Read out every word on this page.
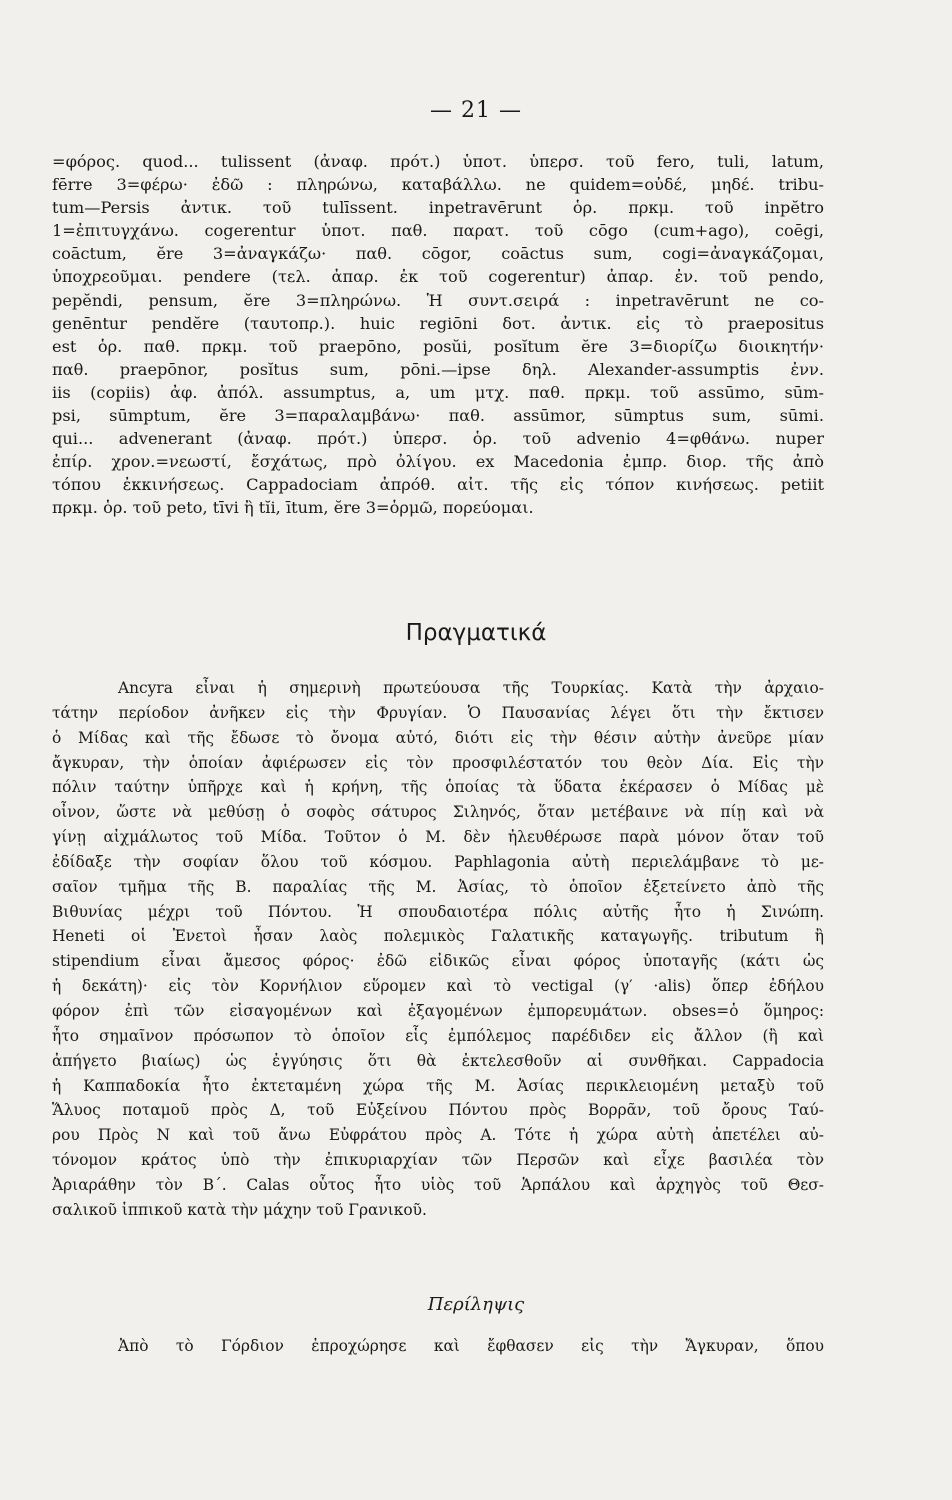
— 21 —
=φόρος. quod... tulissent (ἀναφ. πρότ.) ὑποτ. ὑπερσ. τοῦ fero, tuli, latum,
fērre 3=φέρω· ἐδῶ : πληρώνω, καταβάλλω. ne quidem=οὐδέ, μηδέ. tribu-
tum—Persis ἀντικ. τοῦ tulīssent. inpetravērunt ὁρ. πρκμ. τοῦ inpĕtro
1=ἐπιτυγχάνω. cogerentur ὑποτ. παθ. παρατ. τοῦ cōgo (cum+ago), coēgi,
coāctum, ĕre 3=ἀναγκάζω· παθ. cōgor, coāctus sum, cogi=ἀναγκάζομαι,
ὑποχρεοῦμαι. pendere (τελ. ἀπαρ. ἐκ τοῦ cogerentur) ἀπαρ. ἐν. τοῦ pendo,
pepĕndi, pensum, ĕre 3=πληρώνω. Ἡ συντ.σειρά : inpetravērunt ne co-
genēntur pendĕre (ταυτοπρ.). huic regiōni δοτ. ἀντικ. εἰς τὸ praepositus
est ὁρ. παθ. πρκμ. τοῦ praepōno, posŭi, posĭtum ĕre 3=διορίζω διοικητήν·
παθ. praepōnor, posĭtus sum, pōni.—ipse δηλ. Alexander-assumptis ἐνν.
iis (copiis) ἀφ. ἀπόλ. assumptus, a, um μτχ. παθ. πρκμ. τοῦ assūmo, sūm-
psi, sūmptum, ĕre 3=παραλαμβάνω· παθ. assūmor, sūmptus sum, sūmi.
qui... advenerant (ἀναφ. πρότ.) ὑπερσ. ὁρ. τοῦ advenio 4=φθάνω. nuper
ἐπίρ. χρον.=νεωστί, ἔσχάτως, πρὸ ὀλίγου. ex Macedonia ἐμπρ. διορ. τῆς ἀπὸ
τόπου ἐκκινήσεως. Cappadociam ἀπρόθ. αἰτ. τῆς εἰς τόπον κινήσεως. petiit
πρκμ. ὁρ. τοῦ peto, tīvi ἢ tĭi, ītum, ĕre 3=ὁρμῶ, πορεύομαι.
Πραγματικά
Ancyra εἶναι ἡ σημερινὴ πρωτεύουσα τῆς Τουρκίας. Κατὰ τὴν ἀρχαιο-
τάτην περίοδον ἀνῆκεν εἰς τὴν Φρυγίαν. Ὁ Παυσανίας λέγει ὅτι τὴν ἔκτισεν
ὁ Μίδας καὶ τῆς ἔδωσε τὸ ὄνομα αὐτό, διότι εἰς τὴν θέσιν αὐτὴν ἀνεῦρε μίαν
ἄγκυραν, τὴν ὁποίαν ἀφιέρωσεν εἰς τὸν προσφιλέστατόν του θεὸν Δία. Εἰς τὴν
πόλιν ταύτην ὑπῆρχε καὶ ἡ κρήνη, τῆς ὁποίας τὰ ὕδατα ἐκέρασεν ὁ Μίδας μὲ
οἶνον, ὥστε νὰ μεθύσῃ ὁ σοφὸς σάτυρος Σιληνός, ὅταν μετέβαινε νὰ πίῃ καὶ νὰ
γίνῃ αἰχμάλωτος τοῦ Μίδα. Τοῦτον ὁ Μ. δὲν ἠλευθέρωσε παρὰ μόνον ὅταν τοῦ
ἐδίδαξε τὴν σοφίαν ὅλου τοῦ κόσμου. Paphlagonia αὐτὴ περιελάμβανε τὸ με-
σαῖον τμῆμα τῆς Β. παραλίας τῆς Μ. Ἀσίας, τὸ ὁποῖον ἐξετείνετο ἀπὸ τῆς
Βιθυνίας μέχρι τοῦ Πόντου. Ἡ σπουδαιοτέρα πόλις αὐτῆς ἦτο ἡ Σινώπη.
Heneti οἱ Ἐνετοὶ ἦσαν λαὸς πολεμικὸς Γαλατικῆς καταγωγῆς. tributum ἢ
stipendium εἶναι ἄμεσος φόρος· ἐδῶ εἰδικῶς εἶναι φόρος ὑποταγῆς (κάτι ὡς
ἡ δεκάτη)· εἰς τὸν Κορνήλιον εὕρομεν καὶ τὸ vectigal (γ′ ·alis) ὅπερ ἐδήλου
φόρον ἐπὶ τῶν εἰσαγομένων καὶ ἐξαγομένων ἐμπορευμάτων. obses=ὁ ὅμηρος:
ἦτο σημαῖνον πρόσωπον τὸ ὁποῖον εἷς ἐμπόλεμος παρέδιδεν εἰς ἄλλον (ἢ καὶ
ἀπήγετο βιαίως) ὡς ἐγγύησις ὅτι θὰ ἐκτελεσθοῦν αἱ συνθῆκαι. Cappadocia
ἡ Καππαδοκία ἦτο ἐκτεταμένη χώρα τῆς Μ. Ἀσίας περικλειομένη μεταξὺ τοῦ
Ἅλυος ποταμοῦ πρὸς Δ, τοῦ Εὐξείνου Πόντου πρὸς Βορρᾶν, τοῦ ὄρους Ταύ-
ρου Πρὸς Ν καὶ τοῦ ἄνω Εὐφράτου πρὸς Α. Τότε ἡ χώρα αὐτὴ ἀπετέλει αὐ-
τόνομον κράτος ὑπὸ τὴν ἐπικυριαρχίαν τῶν Περσῶν καὶ εἶχε βασιλέα τὸν
Ἀριαράθην τὸν Β΄. Calas οὗτος ἦτο υἱὸς τοῦ Ἁρπάλου καὶ ἀρχηγὸς τοῦ Θεσ-
σαλικοῦ ἱππικοῦ κατὰ τὴν μάχην τοῦ Γρανικοῦ.
Περίληψις
Ἀπὸ τὸ Γόρδιον ἐπροχώρησε καὶ ἔφθασεν εἰς τὴν Ἄγκυραν, ὅπου
